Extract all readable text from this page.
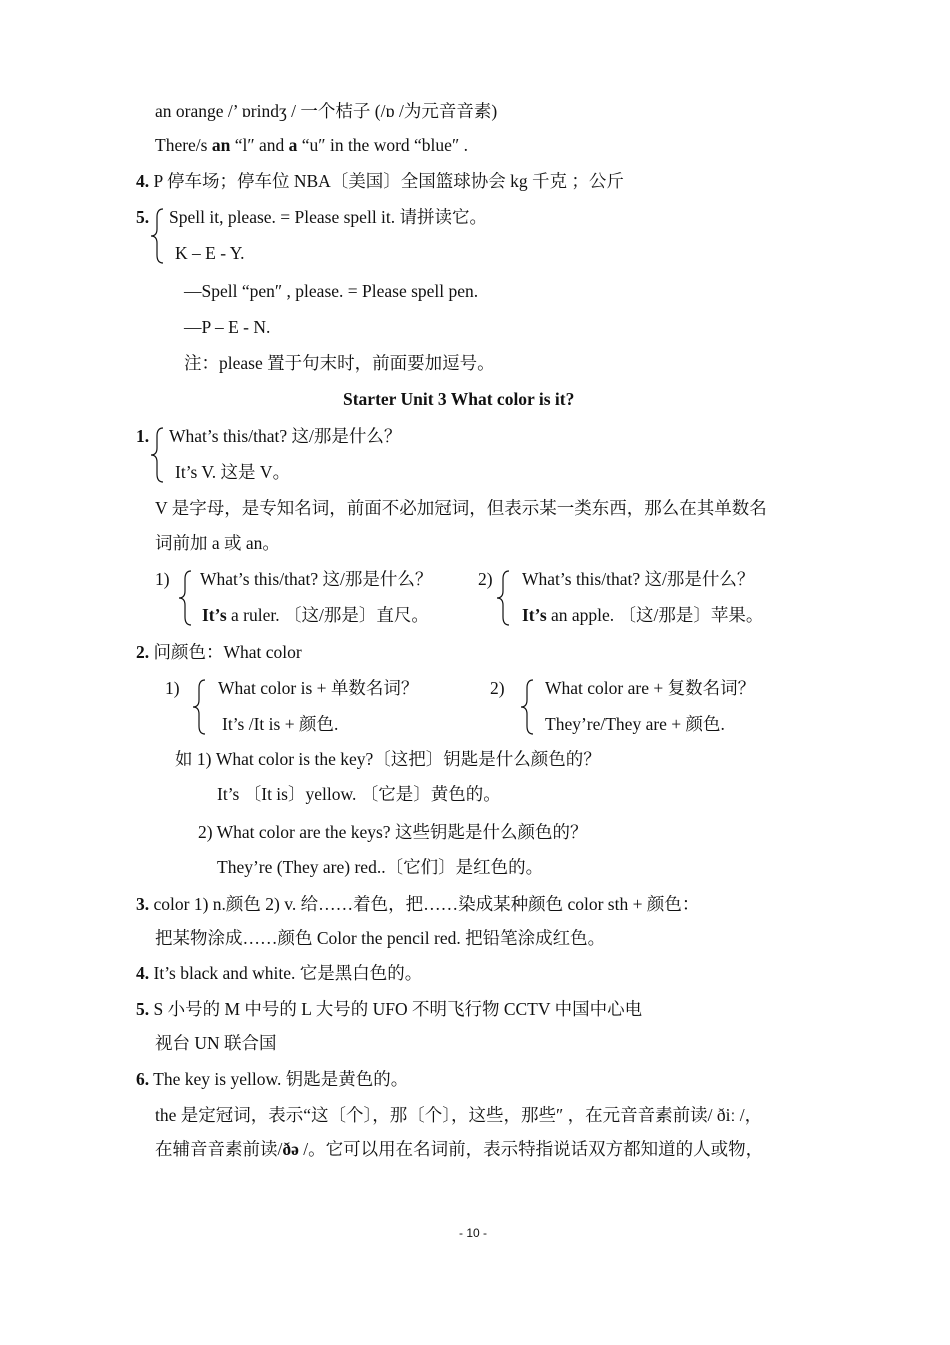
an orange /’ ɒrindʒ / 一个桔子 (/ɒ /为元音音素)
There/s an “l″ and a “u″ in the word “blue″ .
4. P 停车场；停车位 NBA〔美国〕全国篮球协会 kg 千克 ；公斤
5. Spell it, please. = Please spell it. 请拼读它。
K – E - Y.
—Spell “pen″ , please. = Please spell pen.
—P – E - N.
注：please 置于句末时，前面要加逗号。
Starter Unit 3 What color is it?
1. What’s this/that? 这/那是什么？
It’s V. 这是 V。
V 是字母，是专知名词，前面不必加冠词，但表示某一类东西，那么在其单数名
词前加 a 或 an。
1) What’s this/that? 这/那是什么？
It’s a ruler. 〔这/那是〕直尺。
2) What’s this/that? 这/那是什么？
It’s an apple. 〔这/那是〕苹果。
2. 问颜色：What color
1) What color is + 单数名词？
It’s /It is + 颜色.
2) What color are + 复数名词？
They’re/They are + 颜色.
如 1) What color is the key?〔这把〕钥匙是什么颜色的？
It’s 〔It is〕yellow. 〔它是〕黄色的。
2) What color are the keys? 这些钥匙是什么颜色的？
They’re (They are) red..〔它们〕是红色的。
3. color 1) n.颜色 2) v. 给……着色，把……染成某种颜色 color sth + 颜色：
把某物涂成……颜色 Color the pencil red. 把铅笔涂成红色。
4. It’s black and white. 它是黑白色的。
5. S 小号的 M 中号的 L 大号的 UFO 不明飞行物 CCTV 中国中心电
视台 UN 联合国
6. The key is yellow. 钥匙是黄色的。
the 是定冠词，表示“这〔个〕，那〔个〕，这些，那些″ ，在元音音素前读/ ðiː /，
在辅音音素前读/ðə /。它可以用在名词前，表示特指说话双方都知道的人或物，
- 10 -
